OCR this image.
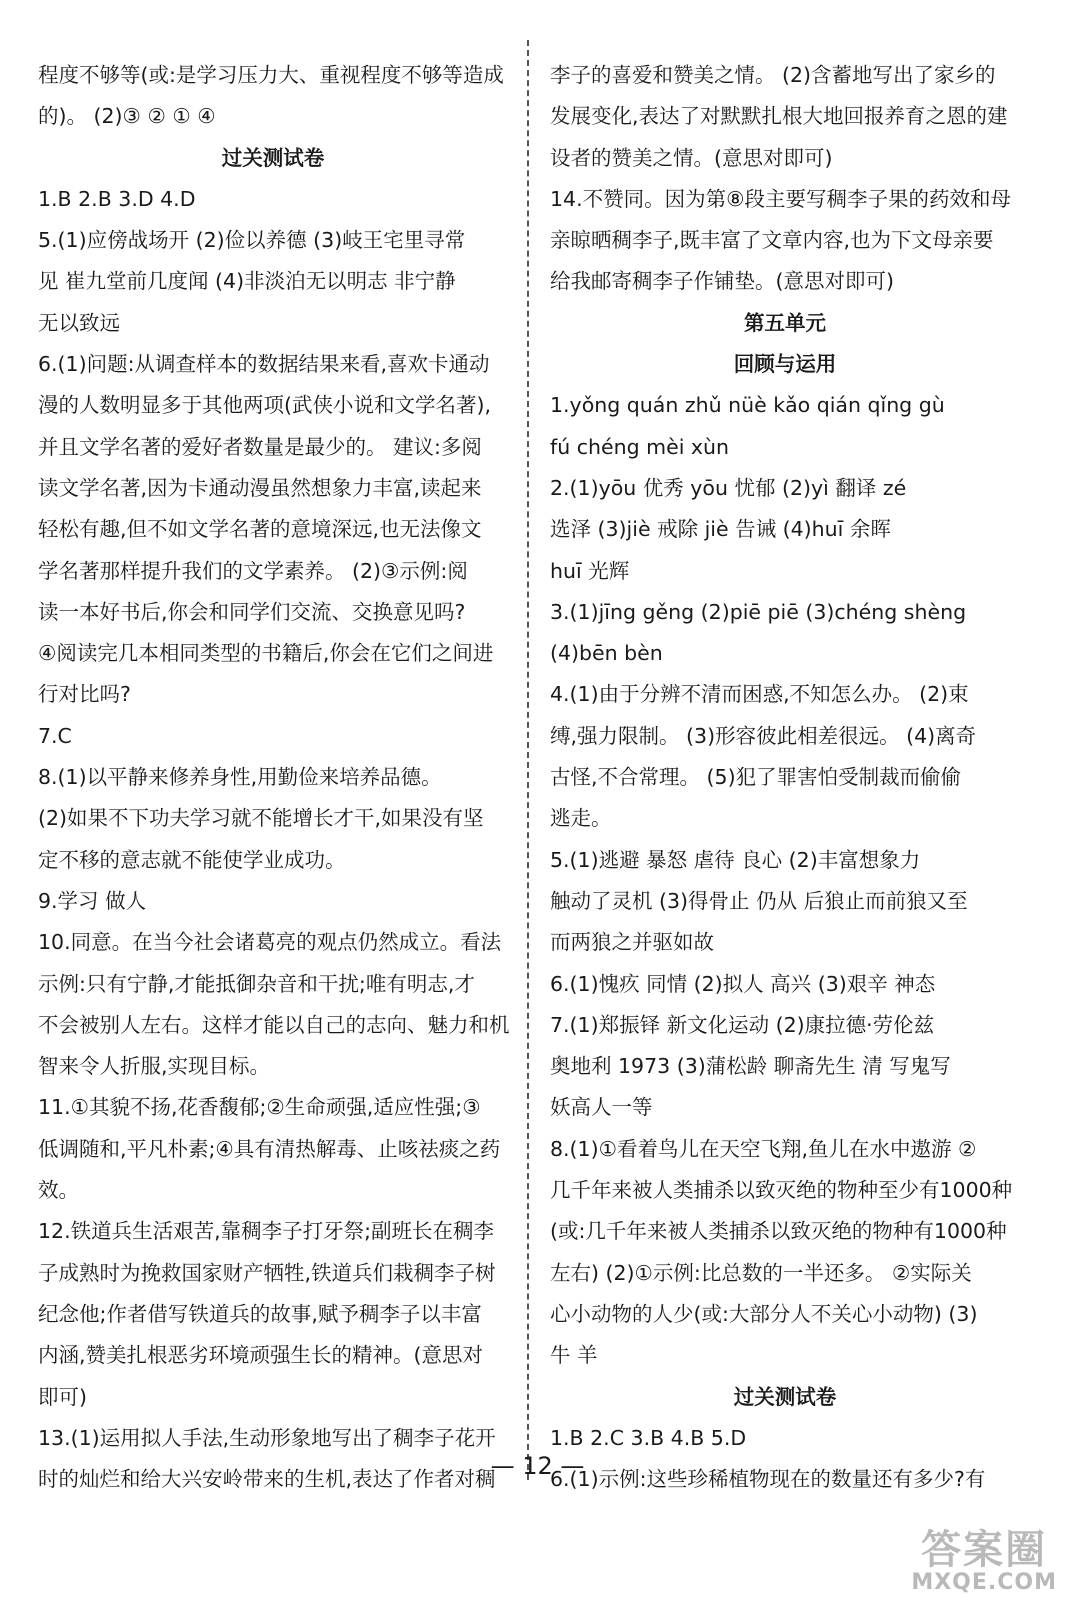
程度不够等(或:是学习压力大、重视程度不够等造成
的)。 (2)③ ② ① ④
过关测试卷
1.B 2.B 3.D 4.D
5.(1)应傍战场开 (2)俭以养德 (3)岐王宅里寻常
见 崔九堂前几度闻 (4)非淡泊无以明志 非宁静
无以致远
6.(1)问题:从调查样本的数据结果来看,喜欢卡通动
漫的人数明显多于其他两项(武侠小说和文学名著),
并且文学名著的爱好者数量是最少的。 建议:多阅
读文学名著,因为卡通动漫虽然想象力丰富,读起来
轻松有趣,但不如文学名著的意境深远,也无法像文
学名著那样提升我们的文学素养。 (2)③示例:阅
读一本好书后,你会和同学们交流、交换意见吗?
④阅读完几本相同类型的书籍后,你会在它们之间进
行对比吗?
7.C
8.(1)以平静来修养身性,用勤俭来培养品德。
(2)如果不下功夫学习就不能增长才干,如果没有坚
定不移的意志就不能使学业成功。
9.学习 做人
10.同意。在当今社会诸葛亮的观点仍然成立。看法
示例:只有宁静,才能抵御杂音和干扰;唯有明志,才
不会被别人左右。这样才能以自己的志向、魅力和机
智来令人折服,实现目标。
11.①其貌不扬,花香馥郁;②生命顽强,适应性强;③
低调随和,平凡朴素;④具有清热解毒、止咳祛痰之药
效。
12.铁道兵生活艰苦,靠稠李子打牙祭;副班长在稠李
子成熟时为挽救国家财产牺牲,铁道兵们栽稠李子树
纪念他;作者借写铁道兵的故事,赋予稠李子以丰富
内涵,赞美扎根恶劣环境顽强生长的精神。(意思对
即可)
13.(1)运用拟人手法,生动形象地写出了稠李子花开
时的灿烂和给大兴安岭带来的生机,表达了作者对稠
李子的喜爱和赞美之情。 (2)含蓄地写出了家乡的
发展变化,表达了对默默扎根大地回报养育之恩的建
设者的赞美之情。(意思对即可)
14.不赞同。因为第⑧段主要写稠李子果的药效和母
亲晾晒稠李子,既丰富了文章内容,也为下文母亲要
给我邮寄稠李子作铺垫。(意思对即可)
第五单元
回顾与运用
1.yǒng quán zhǔ nüè kǎo qián qǐng gù
fú chéng mèi xùn
2.(1)yōu 优秀 yōu 忧郁 (2)yì 翻译 zé
选泽 (3)jiè 戒除 jiè 告诫 (4)huī 余晖
huī 光辉
3.(1)jīng gěng (2)piē piē (3)chéng shèng
(4)bēn bèn
4.(1)由于分辨不清而困惑,不知怎么办。 (2)束
缚,强力限制。 (3)形容彼此相差很远。 (4)离奇
古怪,不合常理。 (5)犯了罪害怕受制裁而偷偷
逃走。
5.(1)逃避 暴怒 虐待 良心 (2)丰富想象力
触动了灵机 (3)得骨止 仍从 后狼止而前狼又至
而两狼之并驱如故
6.(1)愧疚 同情 (2)拟人 高兴 (3)艰辛 神态
7.(1)郑振铎 新文化运动 (2)康拉德·劳伦兹
奥地利 1973 (3)蒲松龄 聊斋先生 清 写鬼写
妖高人一等
8.(1)①看着鸟儿在天空飞翔,鱼儿在水中遨游 ②
几千年来被人类捕杀以致灭绝的物种至少有1000种
(或:几千年来被人类捕杀以致灭绝的物种有1000种
左右) (2)①示例:比总数的一半还多。 ②实际关
心小动物的人少(或:大部分人不关心小动物) (3)
牛 羊
过关测试卷
1.B 2.C 3.B 4.B 5.D
6.(1)示例:这些珍稀植物现在的数量还有多少?有
— 12 —
答案圈
MXQE.COM
